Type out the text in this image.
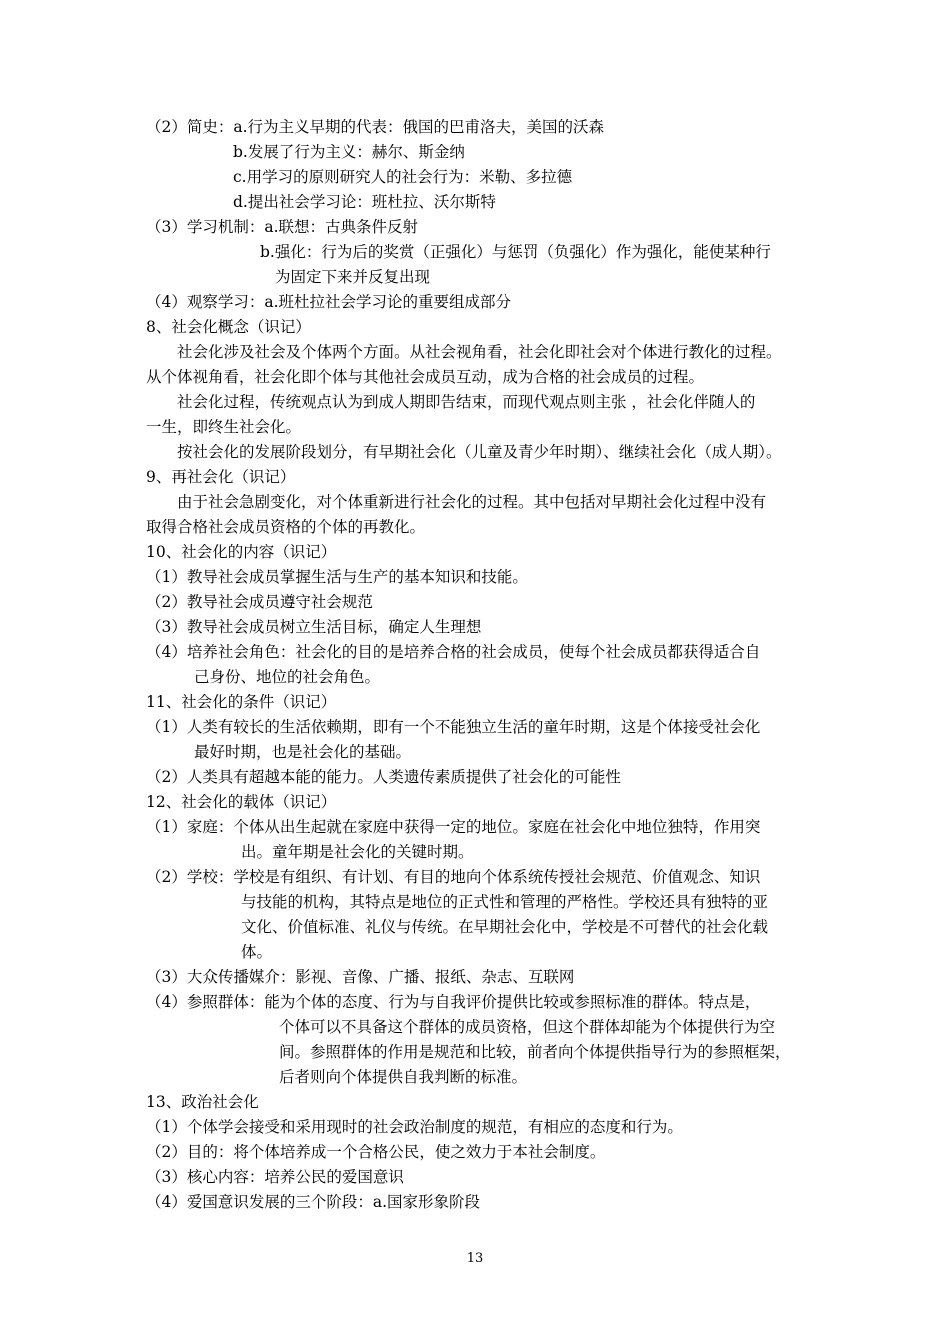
（2）简史：a.行为主义早期的代表：俄国的巴甫洛夫，美国的沃森
b.发展了行为主义：赫尔、斯金纳
c.用学习的原则研究人的社会行为：米勒、多拉德
d.提出社会学习论：班杜拉、沃尔斯特
（3）学习机制：a.联想：古典条件反射
b.强化：行为后的奖赏（正强化）与惩罚（负强化）作为强化，能使某种行
为固定下来并反复出现
（4）观察学习：a.班杜拉社会学习论的重要组成部分
8、社会化概念（识记）
社会化涉及社会及个体两个方面。从社会视角看，社会化即社会对个体进行教化的过程。
从个体视角看，社会化即个体与其他社会成员互动，成为合格的社会成员的过程。
社会化过程，传统观点认为到成人期即告结束，而现代观点则主张 ，社会化伴随人的
一生，即终生社会化。
按社会化的发展阶段划分，有早期社会化（儿童及青少年时期）、继续社会化（成人期）。
9、再社会化（识记）
由于社会急剧变化，对个体重新进行社会化的过程。其中包括对早期社会化过程中没有
取得合格社会成员资格的个体的再教化。
10、社会化的内容（识记）
（1）教导社会成员掌握生活与生产的基本知识和技能。
（2）教导社会成员遵守社会规范
（3）教导社会成员树立生活目标，确定人生理想
（4）培养社会角色：社会化的目的是培养合格的社会成员，使每个社会成员都获得适合自
己身份、地位的社会角色。
11、社会化的条件（识记）
（1）人类有较长的生活依赖期，即有一个不能独立生活的童年时期，这是个体接受社会化
最好时期，也是社会化的基础。
（2）人类具有超越本能的能力。人类遗传素质提供了社会化的可能性
12、社会化的载体（识记）
（1）家庭：个体从出生起就在家庭中获得一定的地位。家庭在社会化中地位独特，作用突
出。童年期是社会化的关键时期。
（2）学校：学校是有组织、有计划、有目的地向个体系统传授社会规范、价值观念、知识
与技能的机构，其特点是地位的正式性和管理的严格性。学校还具有独特的亚
文化、价值标准、礼仪与传统。在早期社会化中，学校是不可替代的社会化载
体。
（3）大众传播媒介：影视、音像、广播、报纸、杂志、互联网
（4）参照群体：能为个体的态度、行为与自我评价提供比较或参照标准的群体。特点是，
个体可以不具备这个群体的成员资格，但这个群体却能为个体提供行为空
间。参照群体的作用是规范和比较，前者向个体提供指导行为的参照框架，
后者则向个体提供自我判断的标准。
13、政治社会化
（1）个体学会接受和采用现时的社会政治制度的规范，有相应的态度和行为。
（2）目的：将个体培养成一个合格公民，使之效力于本社会制度。
（3）核心内容：培养公民的爱国意识
（4）爱国意识发展的三个阶段：a.国家形象阶段
13
